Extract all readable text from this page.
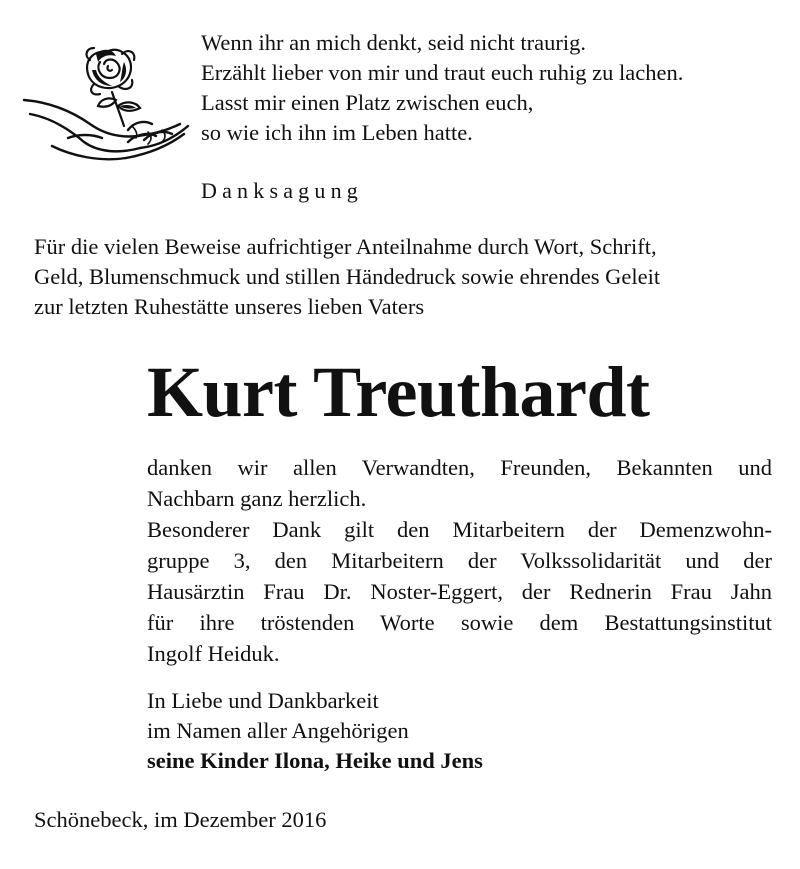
Wenn ihr an mich denkt, seid nicht traurig.
Erzählt lieber von mir und traut euch ruhig zu lachen.
Lasst mir einen Platz zwischen euch,
so wie ich ihn im Leben hatte.
Danksagung
Für die vielen Beweise aufrichtiger Anteilnahme durch Wort, Schrift,
Geld, Blumenschmuck und stillen Händedruck sowie ehrendes Geleit
zur letzten Ruhestätte unseres lieben Vaters
Kurt Treuthardt
danken wir allen Verwandten, Freunden, Bekannten und
Nachbarn ganz herzlich.
Besonderer Dank gilt den Mitarbeitern der Demenzwohn-
gruppe 3, den Mitarbeitern der Volkssolidarität und der
Hausärztin Frau Dr. Noster-Eggert, der Rednerin Frau Jahn
für ihre tröstenden Worte sowie dem Bestattungsinstitut
Ingolf Heiduk.
In Liebe und Dankbarkeit
im Namen aller Angehörigen
seine Kinder Ilona, Heike und Jens
Schönebeck, im Dezember 2016
